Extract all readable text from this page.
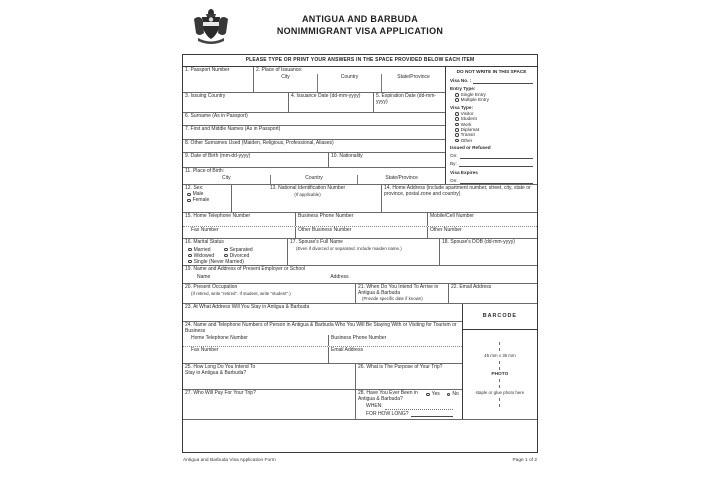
ANTIGUA AND BARBUDA
NONIMMIGRANT VISA APPLICATION
PLEASE TYPE OR PRINT YOUR ANSWERS IN THE SPACE PROVIDED BELOW EACH ITEM
1. Passport Number	2. Place of Issuance:
City	Country	State/Province
3. Issuing Country	4. Issuance Date (dd-mm-yyyy)	5. Expiration Date (dd-mm-yyyy)
6. Surname (As in Passport)
7. First and Middle Names (As in Passport)
8. Other Surnames Used (Maiden, Religious, Professional, Aliases)
9. Date of Birth (mm-dd-yyyy)	10. Nationality
11. Place of Birth:
City	Country	State/Province
DO NOT WRITE IN THIS SPACE
Visa No. :
Entry Type:
Single Entry
Multiple Entry
Visa Type:
Visitor
Student
Work
Diplomat
Transit
Other
Issued or Refused
On:
By:
Visa Expires
On:
12. Sex:
Male
Female
13. National Identification Number
(If applicable)
14. Home Address (include apartment number, street, city, state or province, postal zone and country)
15. Home Telephone Number	Business Phone Number	Mobile/Cell Number
Fax Number	Other Business Number	Other Number
16. Marital Status
Married	Separated
Widowed	Divorced
Single (Never Married)
17. Spouse's Full Name
(Even if divorced or separated. Include maiden name.)
18. Spouse's DOB (dd-mm-yyyy)
19. Name and Address of Present Employer or School
Name	Address
20. Present Occupation
(If retired, write "retired". If student, write "student".)
21. When Do You Intend To Arrive in Antigua & Barbuda
(Provide specific date if known)
22. Email Address
23. At What Address Will You Stay in Antigua & Barbuda
24. Name and Telephone Numbers of Person in Antigua & Barbuda Who You Will Be Staying With or Visiting for Tourism or Business
Home Telephone Number	Business Phone Number
Fax Number	Email Address
25. How Long Do You Intend To Stay in Antigua & Barbuda?
26. What is The Purpose of Your Trip?
27. Who Will Pay For Your Trip?	28. Have You Ever Been in Antigua & Barbuda?
Yes	No
WHEN:
FOR HOW LONG?
BARCODE
45 mm x 35 mm
PHOTO
staple or glue photo here
Antigua and Barbuda Visa Application Form	Page 1 of 2
